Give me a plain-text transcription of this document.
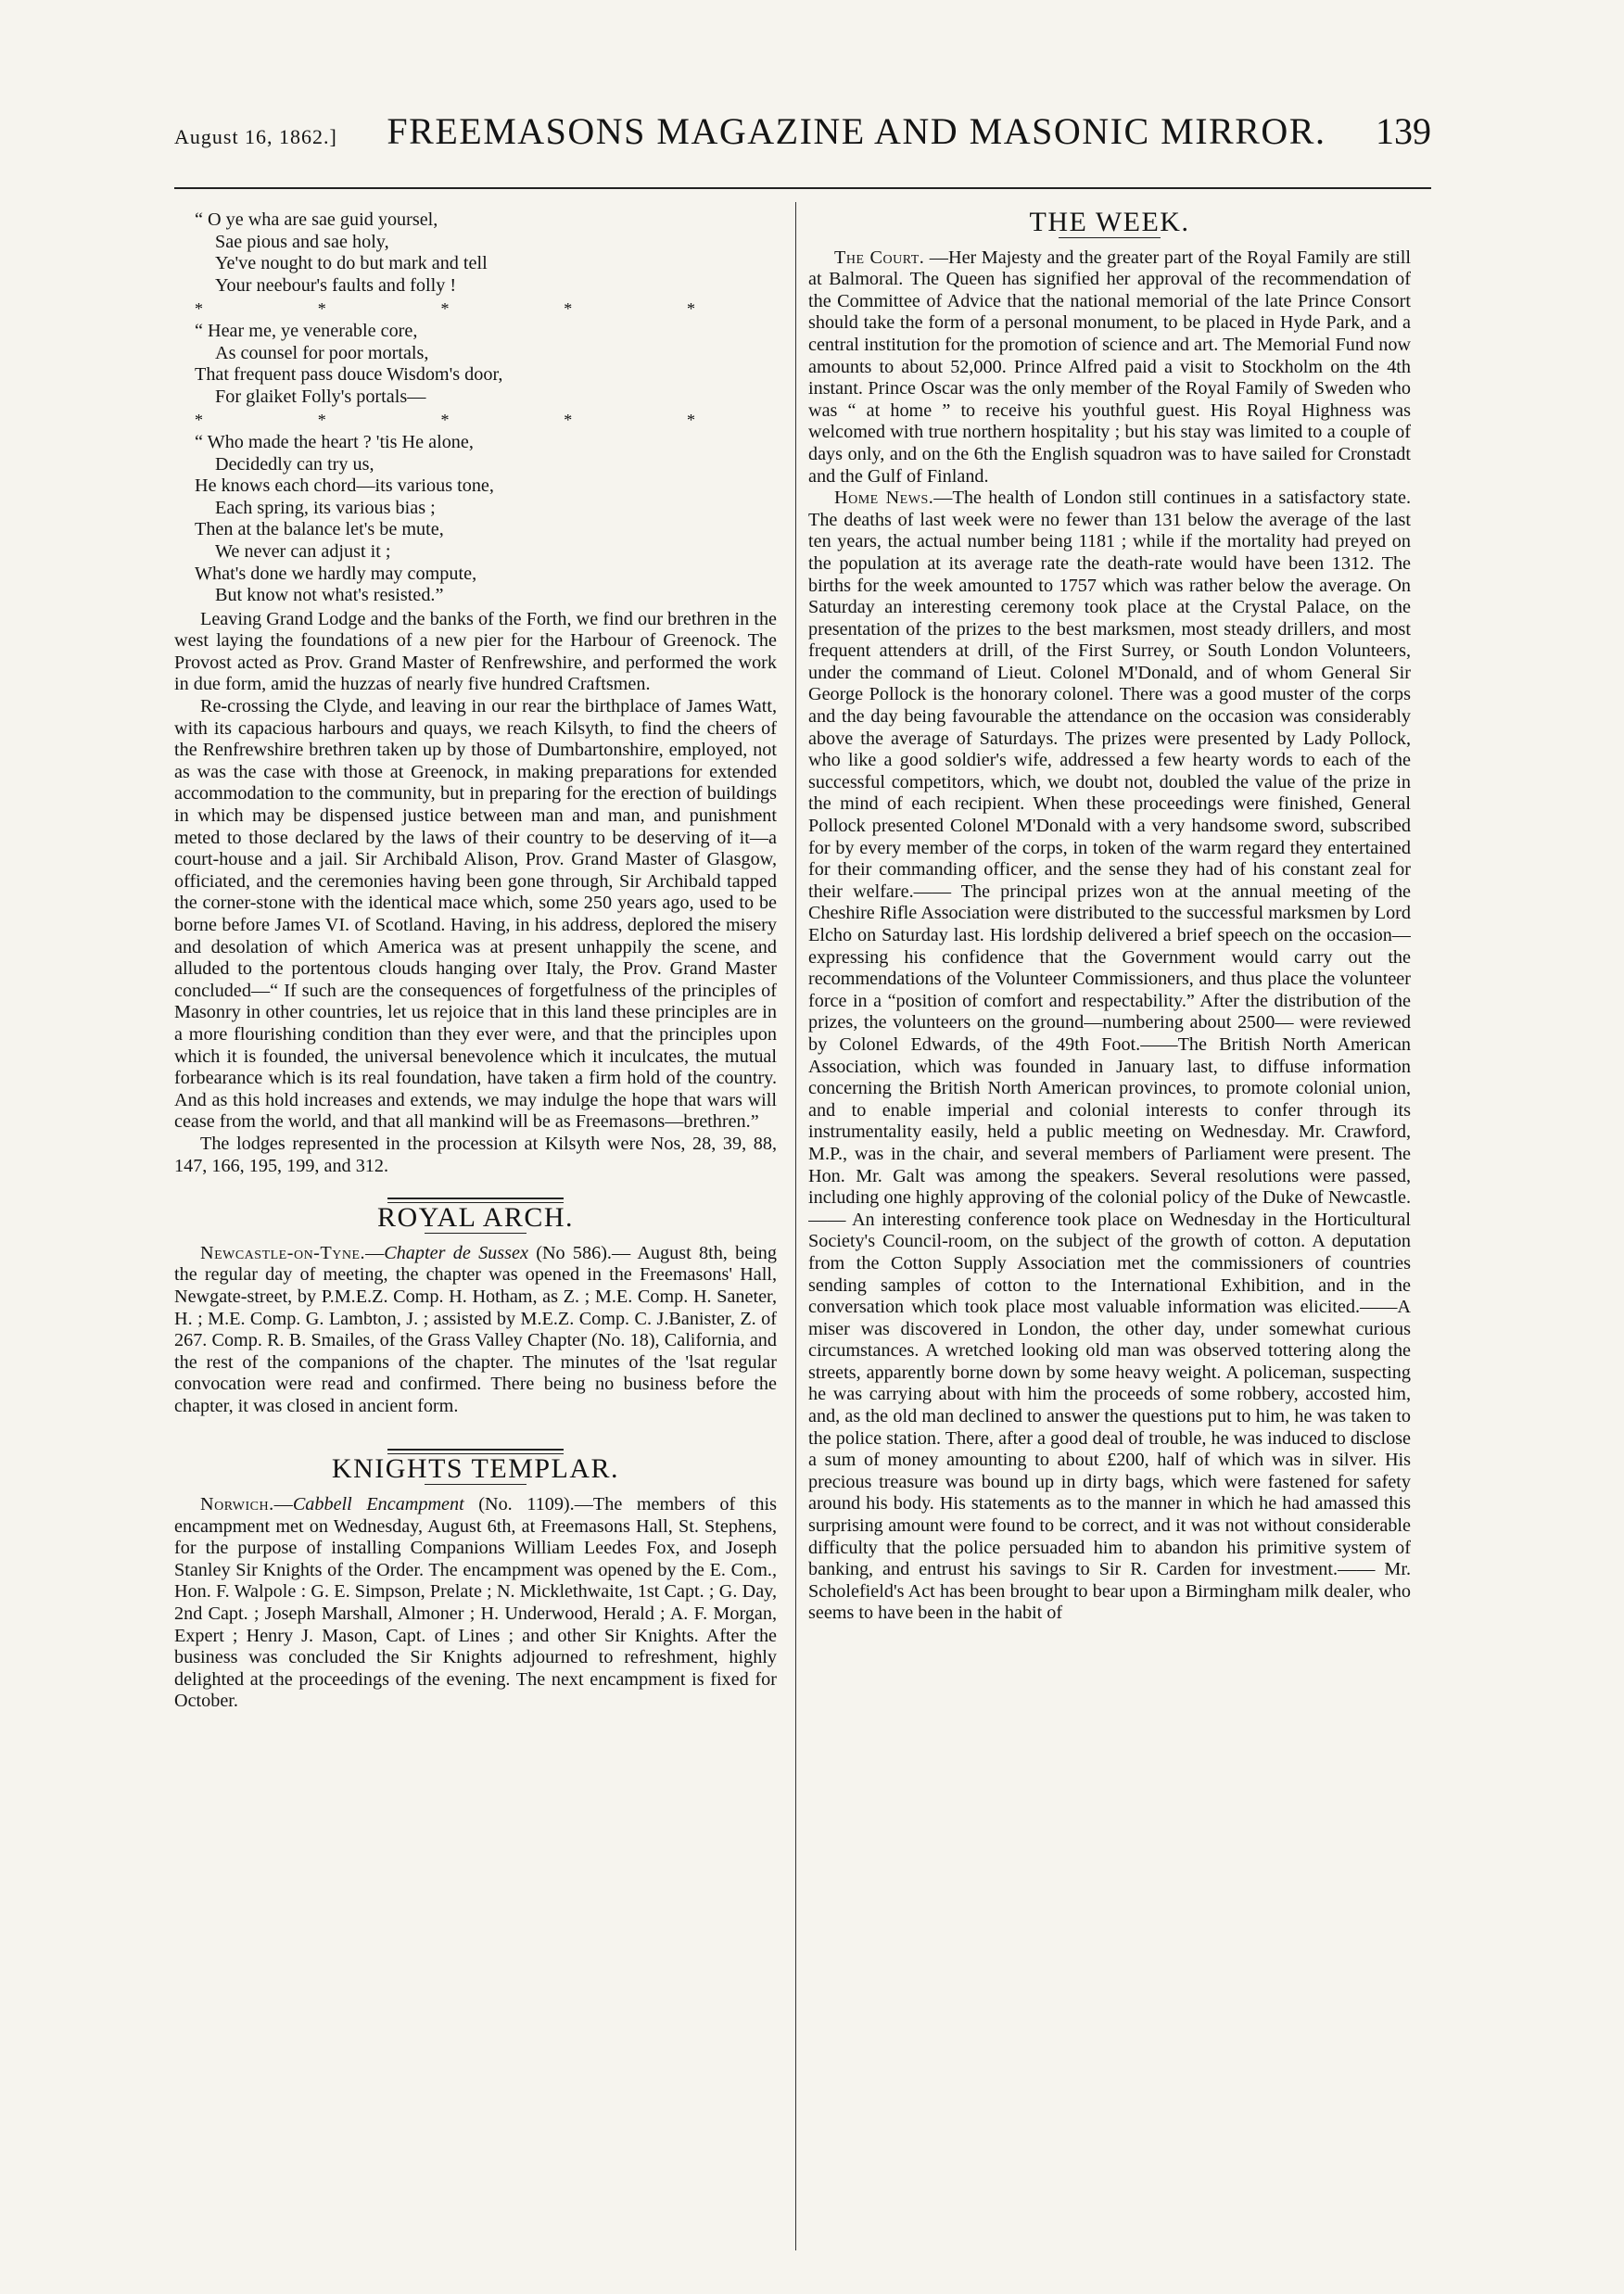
August 16, 1862.] FREEMASONS MAGAZINE AND MASONIC MIRROR. 139
“ O ye wha are sae guid yoursel,
Sae pious and sae holy,
Ye've nought to do but mark and tell
Your neebour's faults and folly !
*	*	*	*	*
“ Hear me, ye venerable core,
As counsel for poor mortals,
That frequent pass douce Wisdom's door,
For glaiket Folly's portals—
*	*	*	*	*
“ Who made the heart ? 'tis He alone,
Decidedly can try us,
He knows each chord—its various tone,
Each spring, its various bias ;
Then at the balance let's be mute,
We never can adjust it ;
What's done we hardly may compute,
But know not what's resisted.”

Leaving Grand Lodge and the banks of the Forth, we find our brethren in the west laying the foundations of a new pier for the Harbour of Greenock. The Provost acted as Prov. Grand Master of Renfrewshire, and performed the work in due form, amid the huzzas of nearly five hundred Craftsmen.

Re-crossing the Clyde, and leaving in our rear the birthplace of James Watt, with its capacious harbours and quays, we reach Kilsyth, to find the cheers of the Renfrewshire brethren taken up by those of Dumbartonshire, employed, not as was the case with those at Greenock, in making preparations for extended accommodation to the community, but in preparing for the erection of buildings in which may be dispensed justice between man and man, and punishment meted to those declared by the laws of their country to be deserving of it—a court-house and a jail. Sir Archibald Alison, Prov. Grand Master of Glasgow, officiated, and the ceremonies having been gone through, Sir Archibald tapped the corner-stone with the identical mace which, some 250 years ago, used to be borne before James VI. of Scotland. Having, in his address, deplored the misery and desolation of which America was at present unhappily the scene, and alluded to the portentous clouds hanging over Italy, the Prov. Grand Master concluded—“ If such are the consequences of forgetfulness of the principles of Masonry in other countries, let us rejoice that in this land these principles are in a more flourishing condition than they ever were, and that the principles upon which it is founded, the universal benevolence which it inculcates, the mutual forbearance which is its real foundation, have taken a firm hold of the country. And as this hold increases and extends, we may indulge the hope that wars will cease from the world, and that all mankind will be as Freemasons—brethren.”

The lodges represented in the procession at Kilsyth were Nos, 28, 39, 88, 147, 166, 195, 199, and 312.

ROYAL ARCH.

Newcastle-on-Tyne.—Chapter de Sussex (No 586).— August 8th, being the regular day of meeting, the chapter was opened in the Freemasons' Hall, Newgate-street, by P.M.E.Z. Comp. H. Hotham, as Z. ; M.E. Comp. H. Saneter, H. ; M.E. Comp. G. Lambton, J. ; assisted by M.E.Z. Comp. C. J.Banister, Z. of 267. Comp. R. B. Smailes, of the Grass Valley Chapter (No. 18), California, and the rest of the companions of the chapter. The minutes of the 'lsat regular convocation were read and confirmed. There being no business before the chapter, it was closed in ancient form.

KNIGHTS TEMPLAR.

Norwich.—Cabbell Encampment (No. 1109).—The members of this encampment met on Wednesday, August 6th, at Freemasons Hall, St. Stephens, for the purpose of installing Companions William Leedes Fox, and Joseph Stanley Sir Knights of the Order. The encampment was opened by the E. Com., Hon. F. Walpole : G. E. Simpson, Prelate ; N. Micklethwaite, 1st Capt. ; G. Day, 2nd Capt. ; Joseph Marshall, Almoner ; H. Underwood, Herald ; A. F. Morgan, Expert ; Henry J. Mason, Capt. of Lines ; and other Sir Knights. After the business was concluded the Sir Knights adjourned to refreshment, highly delighted at the proceedings of the evening. The next encampment is fixed for October.

THE WEEK.

The Court. —Her Majesty and the greater part of the Royal Family are still at Balmoral. The Queen has signified her approval of the recommendation of the Committee of Advice that the national memorial of the late Prince Consort should take the form of a personal monument, to be placed in Hyde Park, and a central institution for the promotion of science and art. The Memorial Fund now amounts to about 52,000. Prince Alfred paid a visit to Stockholm on the 4th instant. Prince Oscar was the only member of the Royal Family of Sweden who was “ at home ” to receive his youthful guest. His Royal Highness was welcomed with true northern hospitality ; but his stay was limited to a couple of days only, and on the 6th the English squadron was to have sailed for Cronstadt and the Gulf of Finland.

Home News.—The health of London still continues in a satisfactory state. The deaths of last week were no fewer than 131 below the average of the last ten years, the actual number being 1181 ; while if the mortality had preyed on the population at its average rate the death-rate would have been 1312. The births for the week amounted to 1757 which was rather below the average. On Saturday an interesting ceremony took place at the Crystal Palace, on the presentation of the prizes to the best marksmen, most steady drillers, and most frequent attenders at drill, of the First Surrey, or South London Volunteers, under the command of Lieut. Colonel M'Donald, and of whom General Sir George Pollock is the honorary colonel. There was a good muster of the corps and the day being favourable the attendance on the occasion was considerably above the average of Saturdays. The prizes were presented by Lady Pollock, who like a good soldier's wife, addressed a few hearty words to each of the successful competitors, which, we doubt not, doubled the value of the prize in the mind of each recipient. When these proceedings were finished, General Pollock presented Colonel M'Donald with a very handsome sword, subscribed for by every member of the corps, in token of the warm regard they entertained for their commanding officer, and the sense they had of his constant zeal for their welfare.—— The principal prizes won at the annual meeting of the Cheshire Rifle Association were distributed to the successful marksmen by Lord Elcho on Saturday last. His lordship delivered a brief speech on the occasion—expressing his confidence that the Government would carry out the recommendations of the Volunteer Commissioners, and thus place the volunteer force in a “position of comfort and respectability.” After the distribution of the prizes, the volunteers on the ground—numbering about 2500— were reviewed by Colonel Edwards, of the 49th Foot.——The British North American Association, which was founded in January last, to diffuse information concerning the British North American provinces, to promote colonial union, and to enable imperial and colonial interests to confer through its instrumentality easily, held a public meeting on Wednesday. Mr. Crawford, M.P., was in the chair, and several members of Parliament were present. The Hon. Mr. Galt was among the speakers. Several resolutions were passed, including one highly approving of the colonial policy of the Duke of Newcastle.—— An interesting conference took place on Wednesday in the Horticultural Society's Council-room, on the subject of the growth of cotton. A deputation from the Cotton Supply Association met the commissioners of countries sending samples of cotton to the International Exhibition, and in the conversation which took place most valuable information was elicited.——A miser was discovered in London, the other day, under somewhat curious circumstances. A wretched looking old man was observed tottering along the streets, apparently borne down by some heavy weight. A policeman, suspecting he was carrying about with him the proceeds of some robbery, accosted him, and, as the old man declined to answer the questions put to him, he was taken to the police station. There, after a good deal of trouble, he was induced to disclose a sum of money amounting to about £200, half of which was in silver. His precious treasure was bound up in dirty bags, which were fastened for safety around his body. His statements as to the manner in which he had amassed this surprising amount were found to be correct, and it was not without considerable difficulty that the police persuaded him to abandon his primitive system of banking, and entrust his savings to Sir R. Carden for investment.—— Mr. Scholefield's Act has been brought to bear upon a Birmingham milk dealer, who seems to have been in the habit of
